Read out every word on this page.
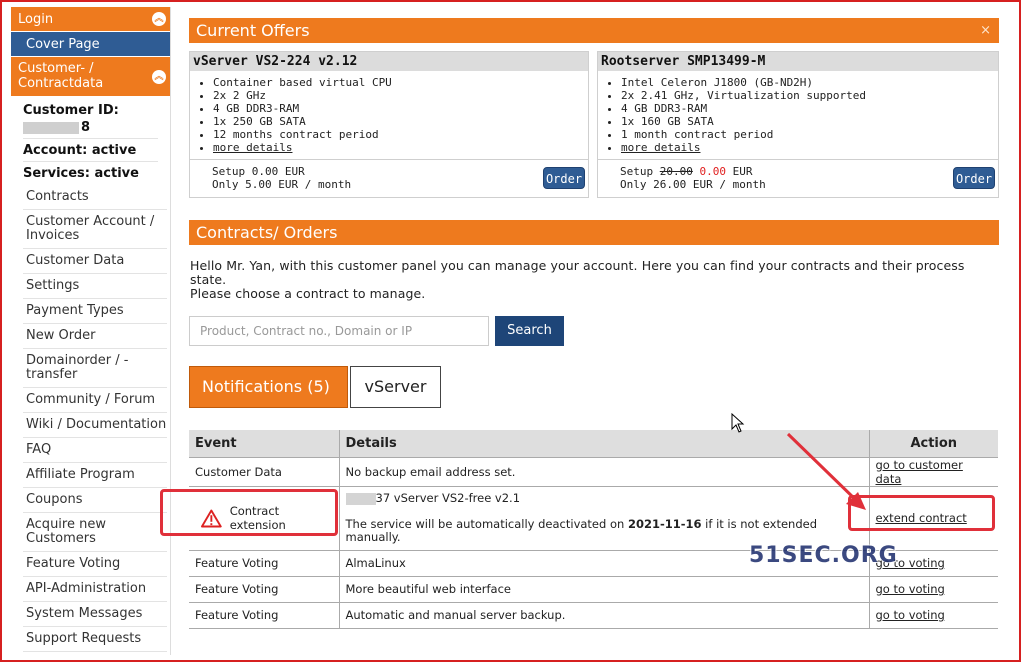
Login	︽
Cover Page
Customer- / Contractdata	︽
Customer ID:
8
Account: active
Services: active
Contracts
Customer Account / Invoices
Customer Data
Settings
Payment Types
New Order
Domainorder / - transfer
Community / Forum
Wiki / Documentation
FAQ
Affiliate Program
Coupons
Acquire new Customers
Feature Voting
API-Administration
System Messages
Support Requests
Current Offers	×
vServer VS2-224 v2.12
• Container based virtual CPU
• 2x 2 GHz
• 4 GB DDR3-RAM
• 1x 250 GB SATA
• 12 months contract period
• more details
Setup 0.00 EUR
Only 5.00 EUR / month	Order
Rootserver SMP13499-M
• Intel Celeron J1800 (GB-ND2H)
• 2x 2.41 GHz, Virtualization supported
• 4 GB DDR3-RAM
• 1x 160 GB SATA
• 1 month contract period
• more details
Setup 20.00 0.00 EUR
Only 26.00 EUR / month	Order
Contracts/ Orders
Hello Mr. Yan, with this customer panel you can manage your account. Here you can find your contracts and their process state.
Please choose a contract to manage.
Product, Contract no., Domain or IP	Search
Notifications (5)	vServer
Event	Details	Action
Customer Data	No backup email address set.	go to customer data

Contract extension	37 vServer VS2-free v2.1
The service will be automatically deactivated on 2021-11-16 if it is not extended
manually.	extend contract
Feature Voting	AlmaLinux	go to voting
Feature Voting	More beautiful web interface	go to voting
Feature Voting	Automatic and manual server backup.	go to voting
51SEC.ORG
